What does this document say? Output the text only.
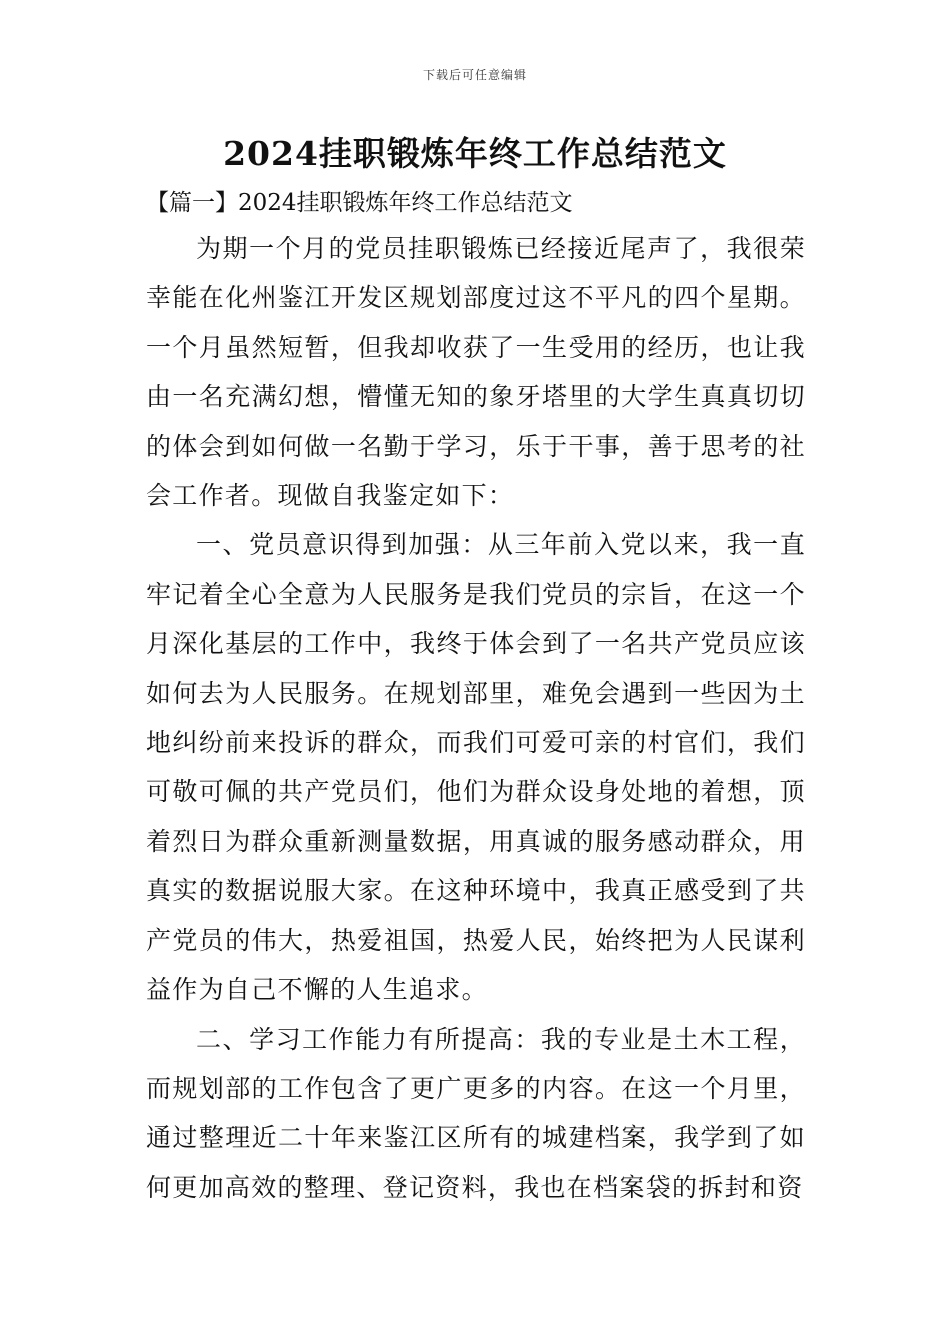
下载后可任意编辑
2024挂职锻炼年终工作总结范文
【篇一】2024挂职锻炼年终工作总结范文

为期一个月的党员挂职锻炼已经接近尾声了，我很荣幸能在化州鉴江开发区规划部度过这不平凡的四个星期。一个月虽然短暂，但我却收获了一生受用的经历，也让我由一名充满幻想，懵懂无知的象牙塔里的大学生真真切切的体会到如何做一名勤于学习，乐于干事，善于思考的社会工作者。现做自我鉴定如下：

一、党员意识得到加强：从三年前入党以来，我一直牢记着全心全意为人民服务是我们党员的宗旨，在这一个月深化基层的工作中，我终于体会到了一名共产党员应该如何去为人民服务。在规划部里，难免会遇到一些因为土地纠纷前来投诉的群众，而我们可爱可亲的村官们，我们可敬可佩的共产党员们，他们为群众设身处地的着想，顶着烈日为群众重新测量数据，用真诚的服务感动群众，用真实的数据说服大家。在这种环境中，我真正感受到了共产党员的伟大，热爱祖国，热爱人民，始终把为人民谋利益作为自己不懈的人生追求。

二、学习工作能力有所提高：我的专业是土木工程，而规划部的工作包含了更广更多的内容。在这一个月里，通过整理近二十年来鉴江区所有的城建档案，我学到了如何更加高效的整理、登记资料，我也在档案袋的拆封和资
